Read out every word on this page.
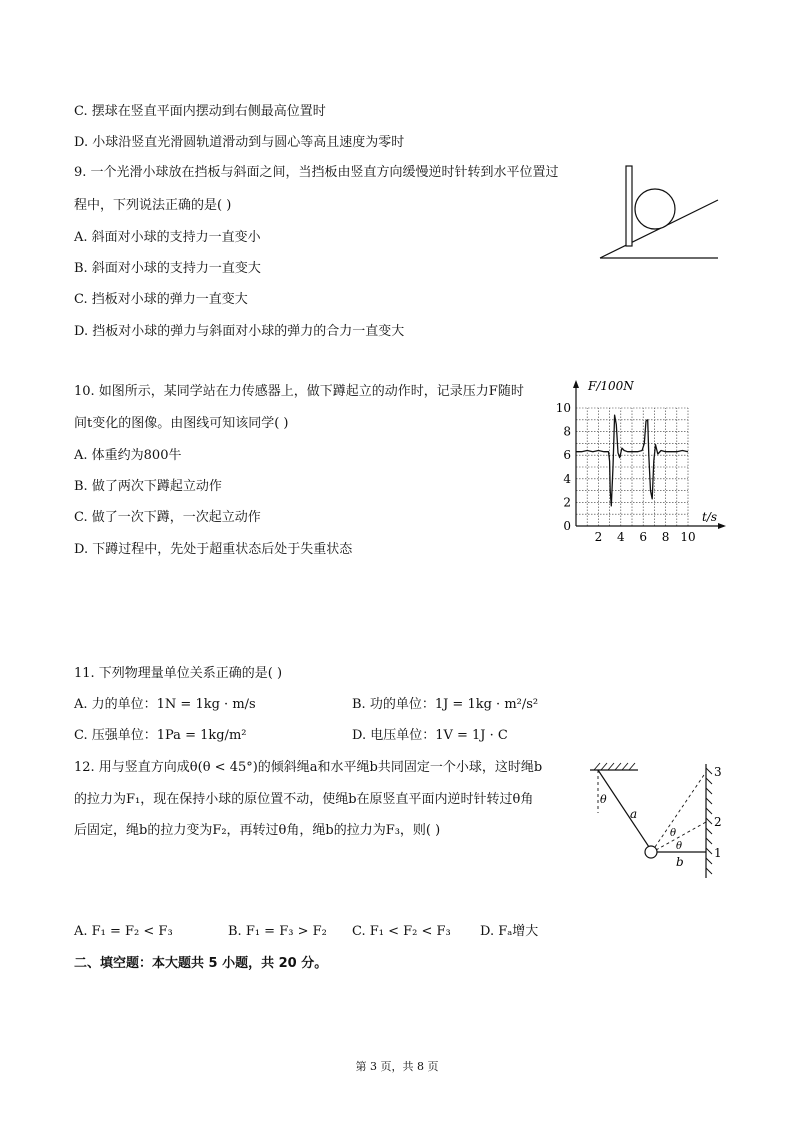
C. 摆球在竖直平面内摆动到右侧最高位置时
D. 小球沿竖直光滑圆轨道滑动到与圆心等高且速度为零时
9. 一个光滑小球放在挡板与斜面之间，当挡板由竖直方向缓慢逆时针转到水平位置过
程中，下列说法正确的是( )
A. 斜面对小球的支持力一直变小
B. 斜面对小球的支持力一直变大
C. 挡板对小球的弹力一直变大
D. 挡板对小球的弹力与斜面对小球的弹力的合力一直变大
10. 如图所示，某同学站在力传感器上，做下蹲起立的动作时，记录压力F随时
间t变化的图像。由图线可知该同学( )
A. 体重约为800牛
B. 做了两次下蹲起立动作
C. 做了一次下蹲，一次起立动作
D. 下蹲过程中，先处于超重状态后处于失重状态
0
2
4
6
8
10
2 4 6 8 10
F/100N
t/s
11. 下列物理量单位关系正确的是( )
A. 力的单位：1N = 1kg · m/s	B. 功的单位：1J = 1kg · m²/s²
C. 压强单位：1Pa = 1kg/m²	D. 电压单位：1V = 1J · C
12. 用与竖直方向成θ(θ < 45°)的倾斜绳a和水平绳b共同固定一个小球，这时绳b
的拉力为F₁，现在保持小球的原位置不动，使绳b在原竖直平面内逆时针转过θ角
后固定，绳b的拉力变为F₂，再转过θ角，绳b的拉力为F₃，则( )
θ
a
b
θ
θ	1
2
3
A. F₁ = F₂ < F₃	B. F₁ = F₃ > F₂ C. F₁ < F₂ < F₃ D. Fₐ增大
二、填空题：本大题共 5 小题，共 20 分。
第 3 页，共 8 页
